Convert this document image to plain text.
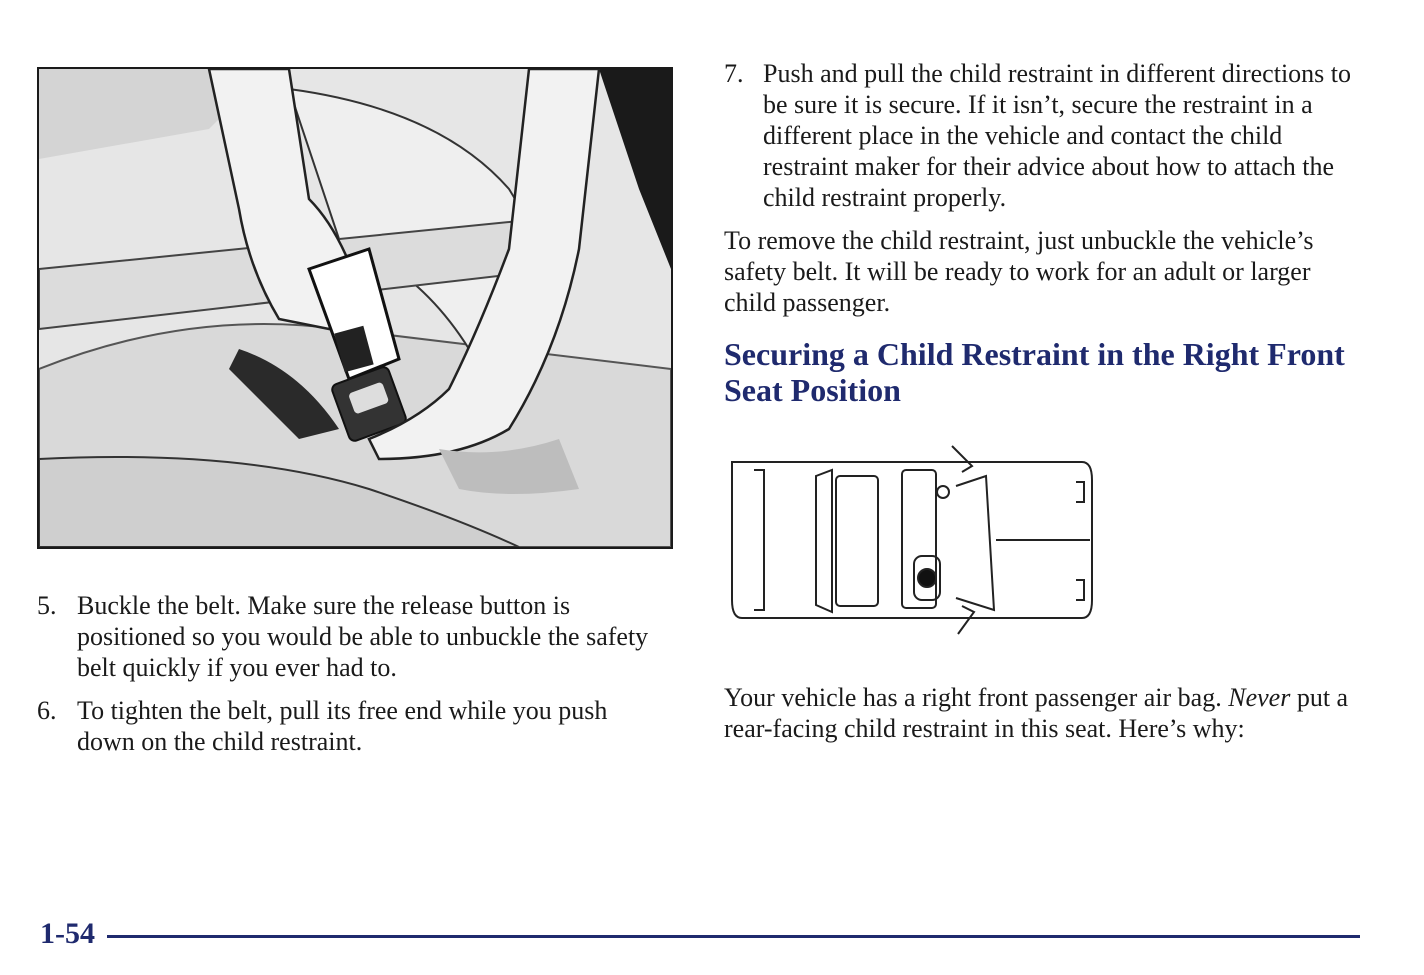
5. Buckle the belt. Make sure the release button is positioned so you would be able to unbuckle the safety belt quickly if you ever had to.
6. To tighten the belt, pull its free end while you push down on the child restraint.
7. Push and pull the child restraint in different directions to be sure it is secure. If it isn’t, secure the restraint in a different place in the vehicle and contact the child restraint maker for their advice about how to attach the child restraint properly.

To remove the child restraint, just unbuckle the vehicle’s safety belt. It will be ready to work for an adult or larger child passenger.

Securing a Child Restraint in the Right Front Seat Position

Your vehicle has a right front passenger air bag. Never put a rear-facing child restraint in this seat. Here’s why:

1-54
